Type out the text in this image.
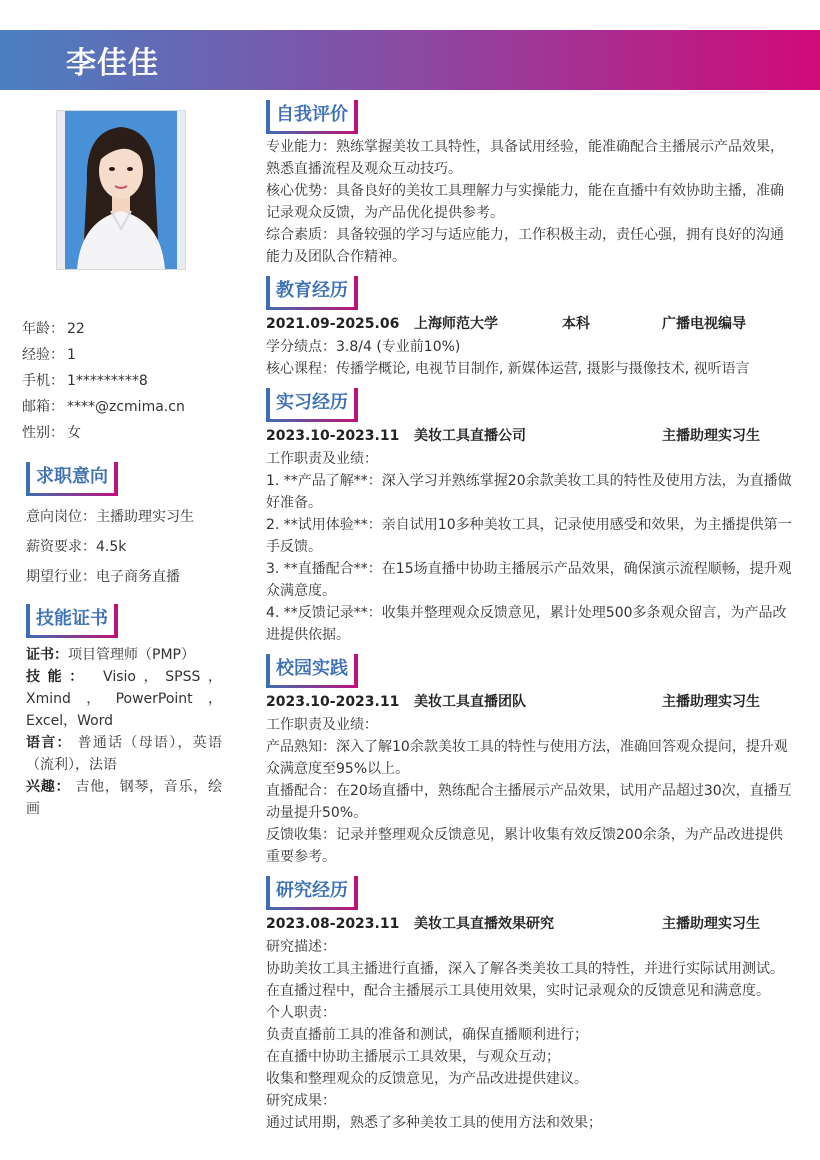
李佳佳
年龄： 22
经验： 1
手机： 1*********8
邮箱： ****@zcmima.cn
性别： 女
求职意向
意向岗位：主播助理实习生
薪资要求：4.5k
期望行业：电子商务直播
技能证书
证书：项目管理师（PMP）
技能： Visio，SPSS，Xmind，PowerPoint，Excel，Word
语言： 普通话（母语），英语（流利），法语
兴趣： 吉他，钢琴，音乐，绘画
自我评价

专业能力：熟练掌握美妆工具特性，具备试用经验，能准确配合主播展示产品效果，熟悉直播流程及观众互动技巧。

核心优势：具备良好的美妆工具理解力与实操能力，能在直播中有效协助主播，准确记录观众反馈，为产品优化提供参考。

综合素质：具备较强的学习与适应能力，工作积极主动，责任心强，拥有良好的沟通能力及团队合作精神。

教育经历
2021.09-2025.06 上海师范大学	本科	广播电视编导

学分绩点：3.8/4 (专业前10%)

核心课程：传播学概论, 电视节目制作, 新媒体运营, 摄影与摄像技术, 视听语言

实习经历
2023.10-2023.11 美妆工具直播公司	主播助理实习生

工作职责及业绩：

1. **产品了解**：深入学习并熟练掌握20余款美妆工具的特性及使用方法，为直播做好准备。

2. **试用体验**：亲自试用10多种美妆工具，记录使用感受和效果，为主播提供第一手反馈。

3. **直播配合**：在15场直播中协助主播展示产品效果，确保演示流程顺畅，提升观众满意度。

4. **反馈记录**：收集并整理观众反馈意见，累计处理500多条观众留言，为产品改进提供依据。

校园实践
2023.10-2023.11 美妆工具直播团队	主播助理实习生

工作职责及业绩：

产品熟知：深入了解10余款美妆工具的特性与使用方法，准确回答观众提问，提升观众满意度至95%以上。

直播配合：在20场直播中，熟练配合主播展示产品效果，试用产品超过30次，直播互动量提升50%。

反馈收集：记录并整理观众反馈意见，累计收集有效反馈200余条，为产品改进提供重要参考。

研究经历
2023.08-2023.11 美妆工具直播效果研究	主播助理实习生

研究描述：

协助美妆工具主播进行直播，深入了解各类美妆工具的特性，并进行实际试用测试。

在直播过程中，配合主播展示工具使用效果，实时记录观众的反馈意见和满意度。

个人职责：

负责直播前工具的准备和测试，确保直播顺利进行；

在直播中协助主播展示工具效果，与观众互动；

收集和整理观众的反馈意见，为产品改进提供建议。

研究成果：

通过试用期，熟悉了多种美妆工具的使用方法和效果；
